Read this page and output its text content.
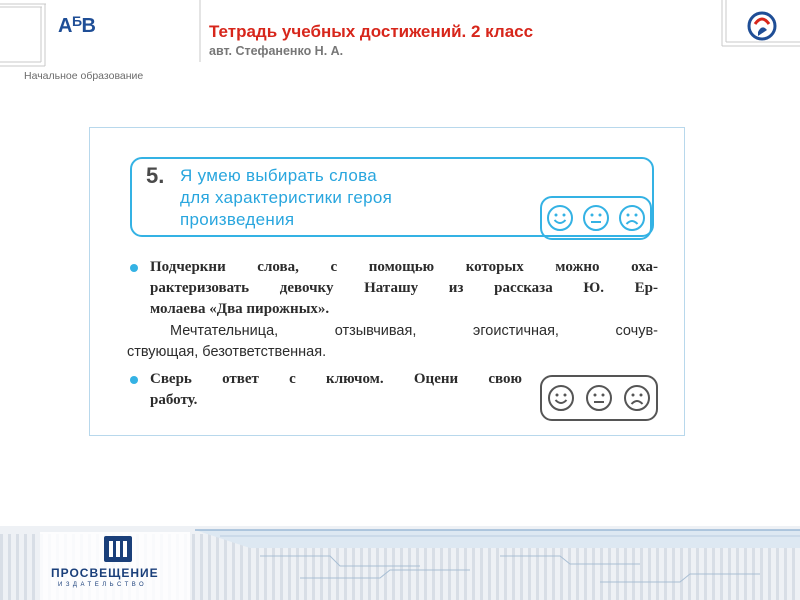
$А^БВ$
Начальное образование
Тетрадь учебных достижений. 2 класс
авт. Стефаненко Н. А.
5. Я умею выбирать слова
для характеристики героя
произведения
Подчеркни слова, с помощью которых можно оха-
рактеризовать девочку Наташу из рассказа Ю. Ер-
молаева «Два пирожных».
Мечтательница, отзывчивая, эгоистичная, сочув-
ствующая, безответственная.
Сверь ответ с ключом. Оцени свою
работу.
ПРОСВЕЩЕНИЕ
ИЗДАТЕЛЬСТВО
